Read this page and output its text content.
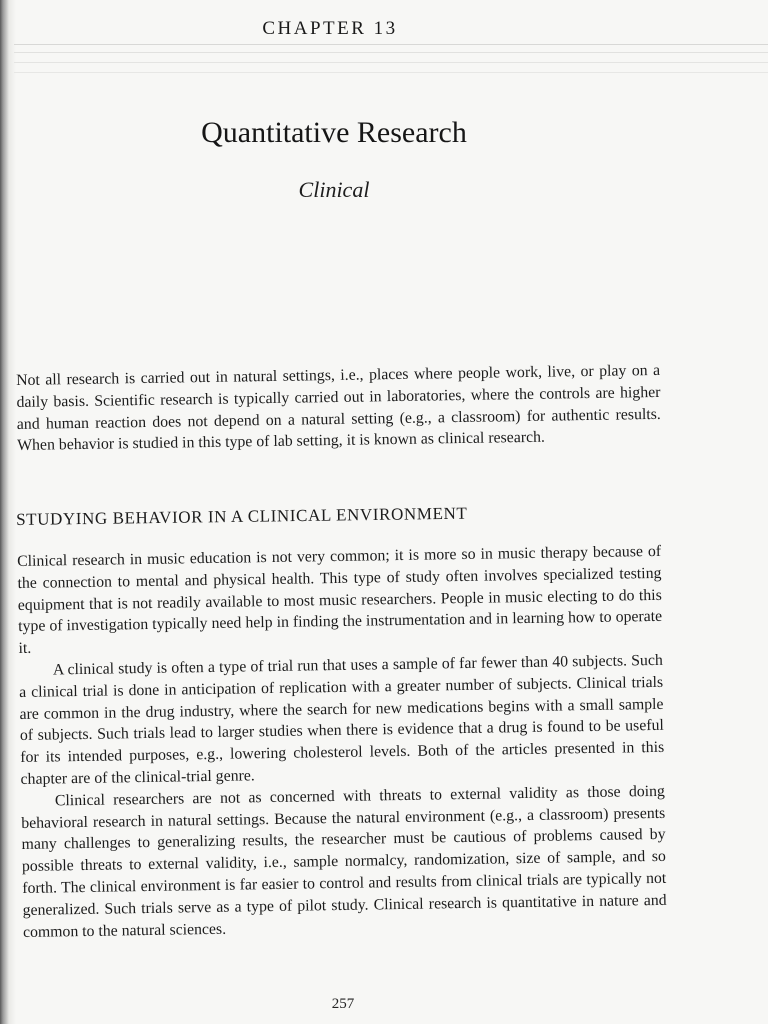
CHAPTER 13
Quantitative Research
Clinical

Not all research is carried out in natural settings, i.e., places where people work, live, or play on a daily basis. Scientific research is typically carried out in laboratories, where the controls are higher and human reaction does not depend on a natural setting (e.g., a classroom) for authentic results. When behavior is studied in this type of lab setting, it is known as clinical research.

STUDYING BEHAVIOR IN A CLINICAL ENVIRONMENT

Clinical research in music education is not very common; it is more so in music therapy because of the connection to mental and physical health. This type of study often involves specialized testing equipment that is not readily available to most music researchers. People in music electing to do this type of investigation typically need help in finding the instrumentation and in learning how to operate it.

A clinical study is often a type of trial run that uses a sample of far fewer than 40 subjects. Such a clinical trial is done in anticipation of replication with a greater number of subjects. Clinical trials are common in the drug industry, where the search for new medications begins with a small sample of subjects. Such trials lead to larger studies when there is evidence that a drug is found to be useful for its intended purposes, e.g., lowering cholesterol levels. Both of the articles presented in this chapter are of the clinical-trial genre.

Clinical researchers are not as concerned with threats to external validity as those doing behavioral research in natural settings. Because the natural environment (e.g., a classroom) presents many challenges to generalizing results, the researcher must be cautious of problems caused by possible threats to external validity, i.e., sample normalcy, randomization, size of sample, and so forth. The clinical environment is far easier to control and results from clinical trials are typically not generalized. Such trials serve as a type of pilot study. Clinical research is quantitative in nature and common to the natural sciences.

257
